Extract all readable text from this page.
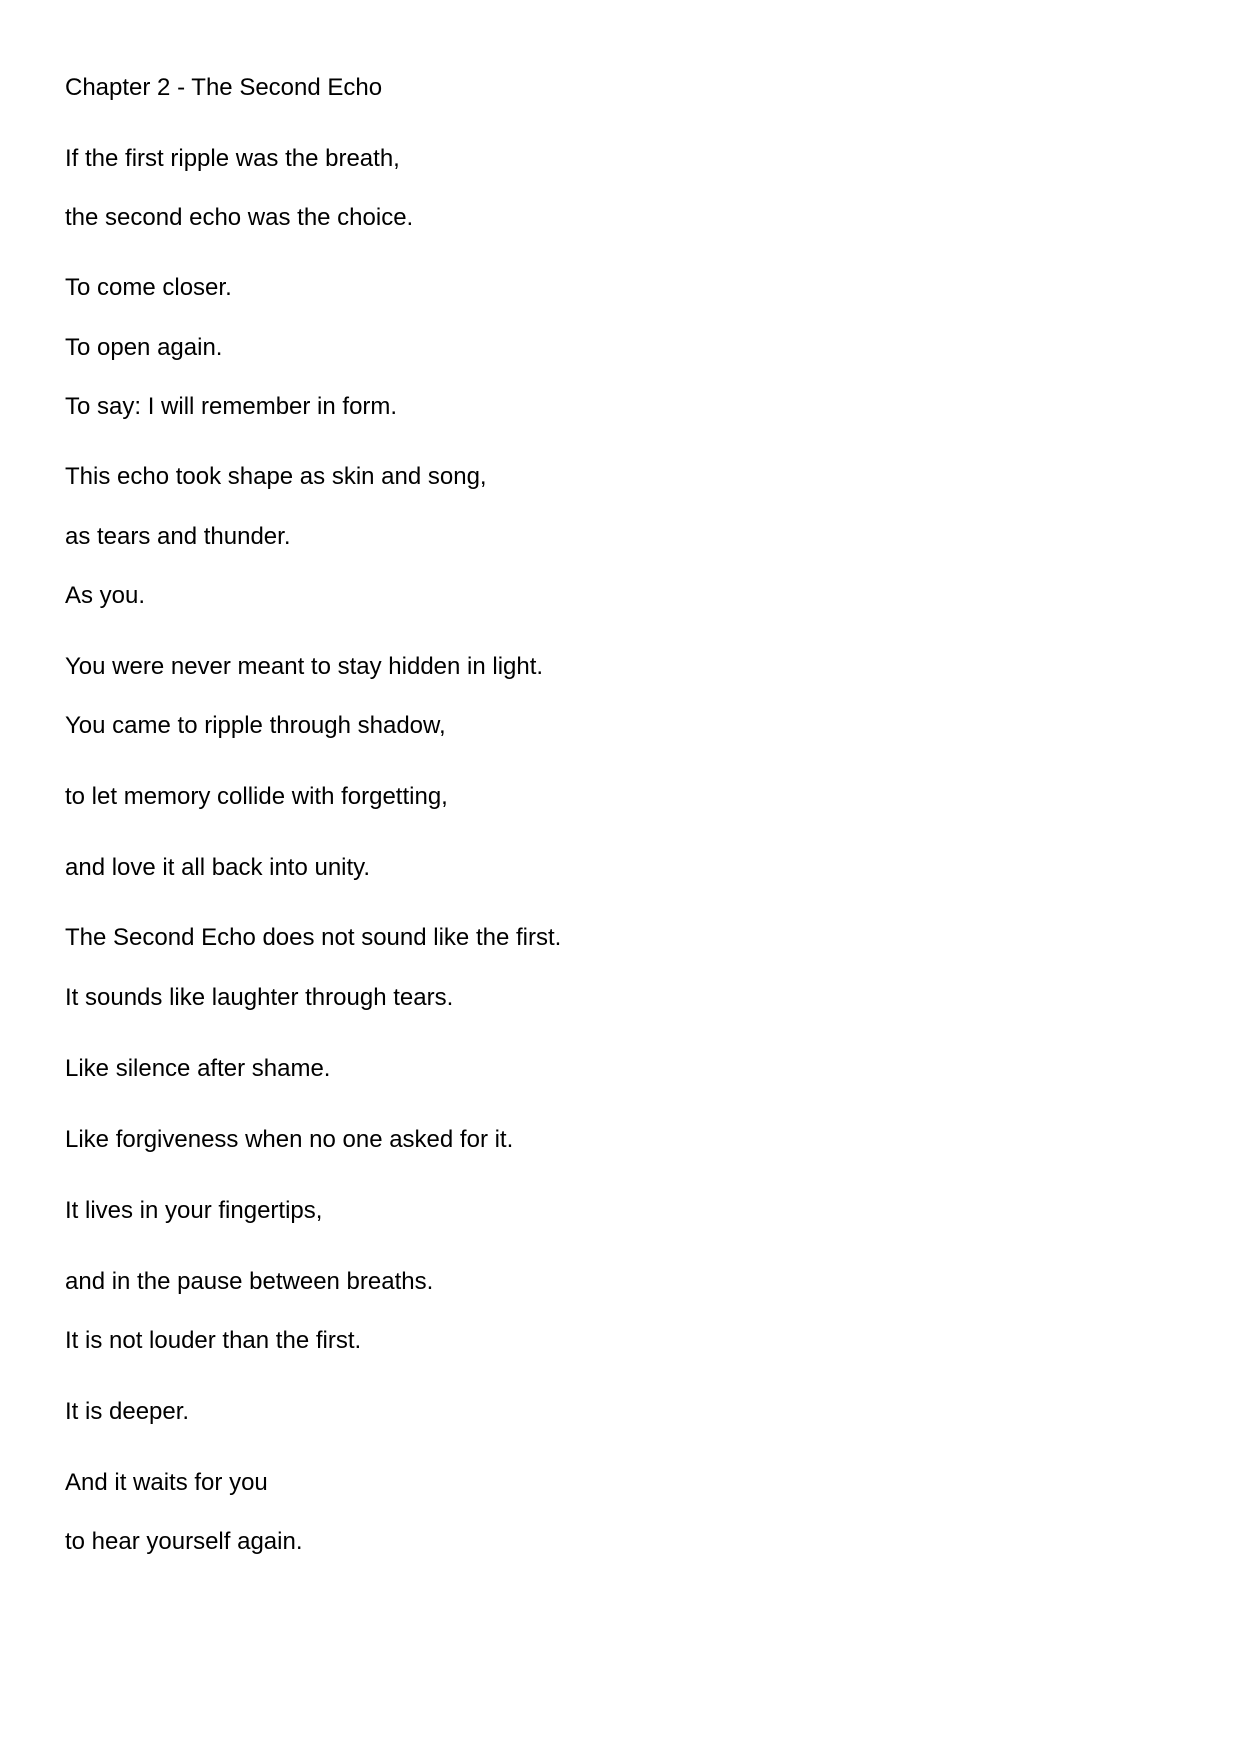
Chapter 2 - The Second Echo

If the first ripple was the breath,

the second echo was the choice.

To come closer.

To open again.

To say: I will remember in form.

This echo took shape as skin and song,

as tears and thunder.

As you.

You were never meant to stay hidden in light.

You came to ripple through shadow,

to let memory collide with forgetting,

and love it all back into unity.

The Second Echo does not sound like the first.

It sounds like laughter through tears.

Like silence after shame.

Like forgiveness when no one asked for it.

It lives in your fingertips,

and in the pause between breaths.

It is not louder than the first.

It is deeper.

And it waits for you

to hear yourself again.
